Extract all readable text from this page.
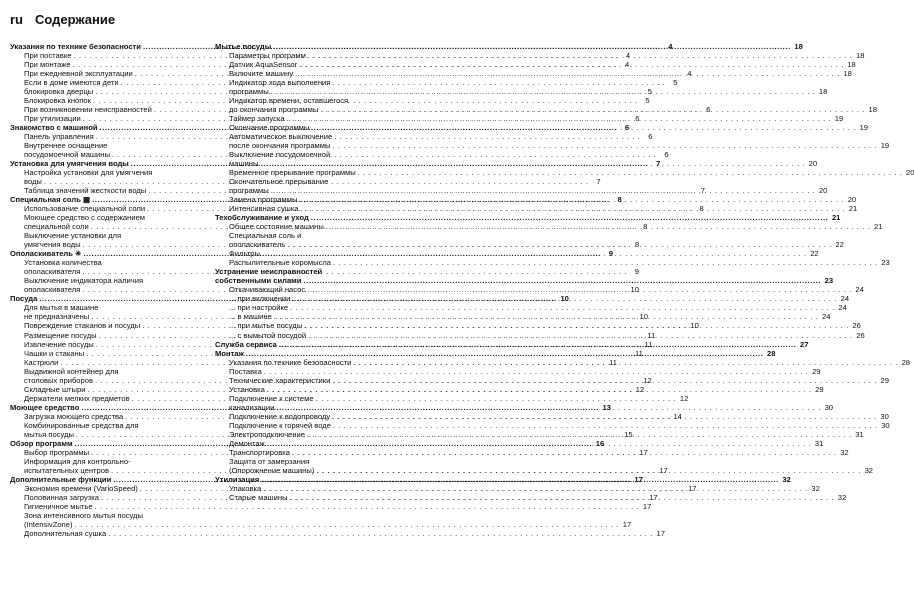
ru Содержание
Указания по технике безопасности .....	4
При поставке . . .	4
При монтаже . . .	4
При ежедневной эксплуатации . . .	4
Если в доме имеются дети . . .	5
блокировка дверцы . . .	5
Блокировка кнопок . . .	5
При возникновении неисправностей . . .	6
При утилизации . . .	6
Знакомство с машиной .....	6
Панель управления . . .	6
Внутреннее оснащение
посудомоечной машины . . .	6
Установка для умягчения воды .....	7
Настройка установки для умягчения
воды . . .	7
Таблица значений жесткости воды . . .	7
Специальная соль ▦ .....	8
Использование специальной соли . . .	8
Моющее средство с содержанием
специальной соли . . .	8
Выключение установки для
умягчения воды . . .	8
Ополаскиватель ✳ .....	9
Установка количества
ополаскивателя . . .	9
Выключение индикатора наличия
ополаскивателя . . .	10
Посуда .....	10
Для мытья в машине
не предназначены . . .	10
Повреждение стаканов и посуды . . .	10
Размещение посуды . . .	11
Извлечение посуды . . .	11
Чашки и стаканы . . .	11
Кастрюли . . .	11
Выдвижной контейнер для
столовых приборов . . .	12
Складные штыри . . .	12
Держатели мелких предметов . . .	12
Моющее средство .....	13
Загрузка моющего средства . . .	14
Комбинированные средства для
мытья посуды . . .	15
Обзор программ .....	16
Выбор программы . . .	17
Информация для контрольно-
испытательных центров . . .	17
Дополнительные функции .....	17
Экономия времени (VarioSpeed) . . .	17
Половинная загрузка . . .	17
Гигиеничное мытье . . .	17
Зона интенсивного мытья посуды
(IntensivZone) . . .	17
Дополнительная сушка . . .	17
Мытье посуды .....	18
Параметры программ . . .	18
Датчик AquaSensor . . .	18
Включите машину . . .	18
Индикатор хода выполнения
программы . . .	18
Индикатор времени, оставшегося
до окончания программы . . .	18
Таймер запуска . . .	19
Окончание программы . . .	19
Автоматическое выключение
после окончания программы . . .	19
Выключение посудомоечной
машины . . .	20
Временное прерывание программы . . .	20
Окончательное прерывание
программы . . .	20
Замена программы . . .	20
Интенсивная сушка . . .	21
Техобслуживание и уход .....	21
Общее состояние машины . . .	21
Специальная соль и
ополаскиватель . . .	22
Фильтры . . .	22
Распылительные коромысла . . .	23
Устранение неисправностей
собственными силами .....	23
Откачивающий насос . . .	24
... при включении . . .	24
... при настройке . . .	24
... в машине . . .	24
... при мытье посуды . . .	26
... с вымытой посудой . . .	26
Служба сервиса .....	27
Монтаж .....	28
Указания по технике безопасности . . .	28
Поставка . . .	29
Технические характеристики . . .	29
Установка . . .	29
Подключение к системе
канализации . . .	30
Подключение к водопроводу . . .	30
Подключение к горячей воде . . .	30
Электроподключение . . .	31
Демонтаж . . .	31
Транспортировка . . .	32
Защита от замерзания
(Опорожнение машины) . . .	32
Утилизация .....	32
Упаковка . . .	32
Старые машины . . .	32
